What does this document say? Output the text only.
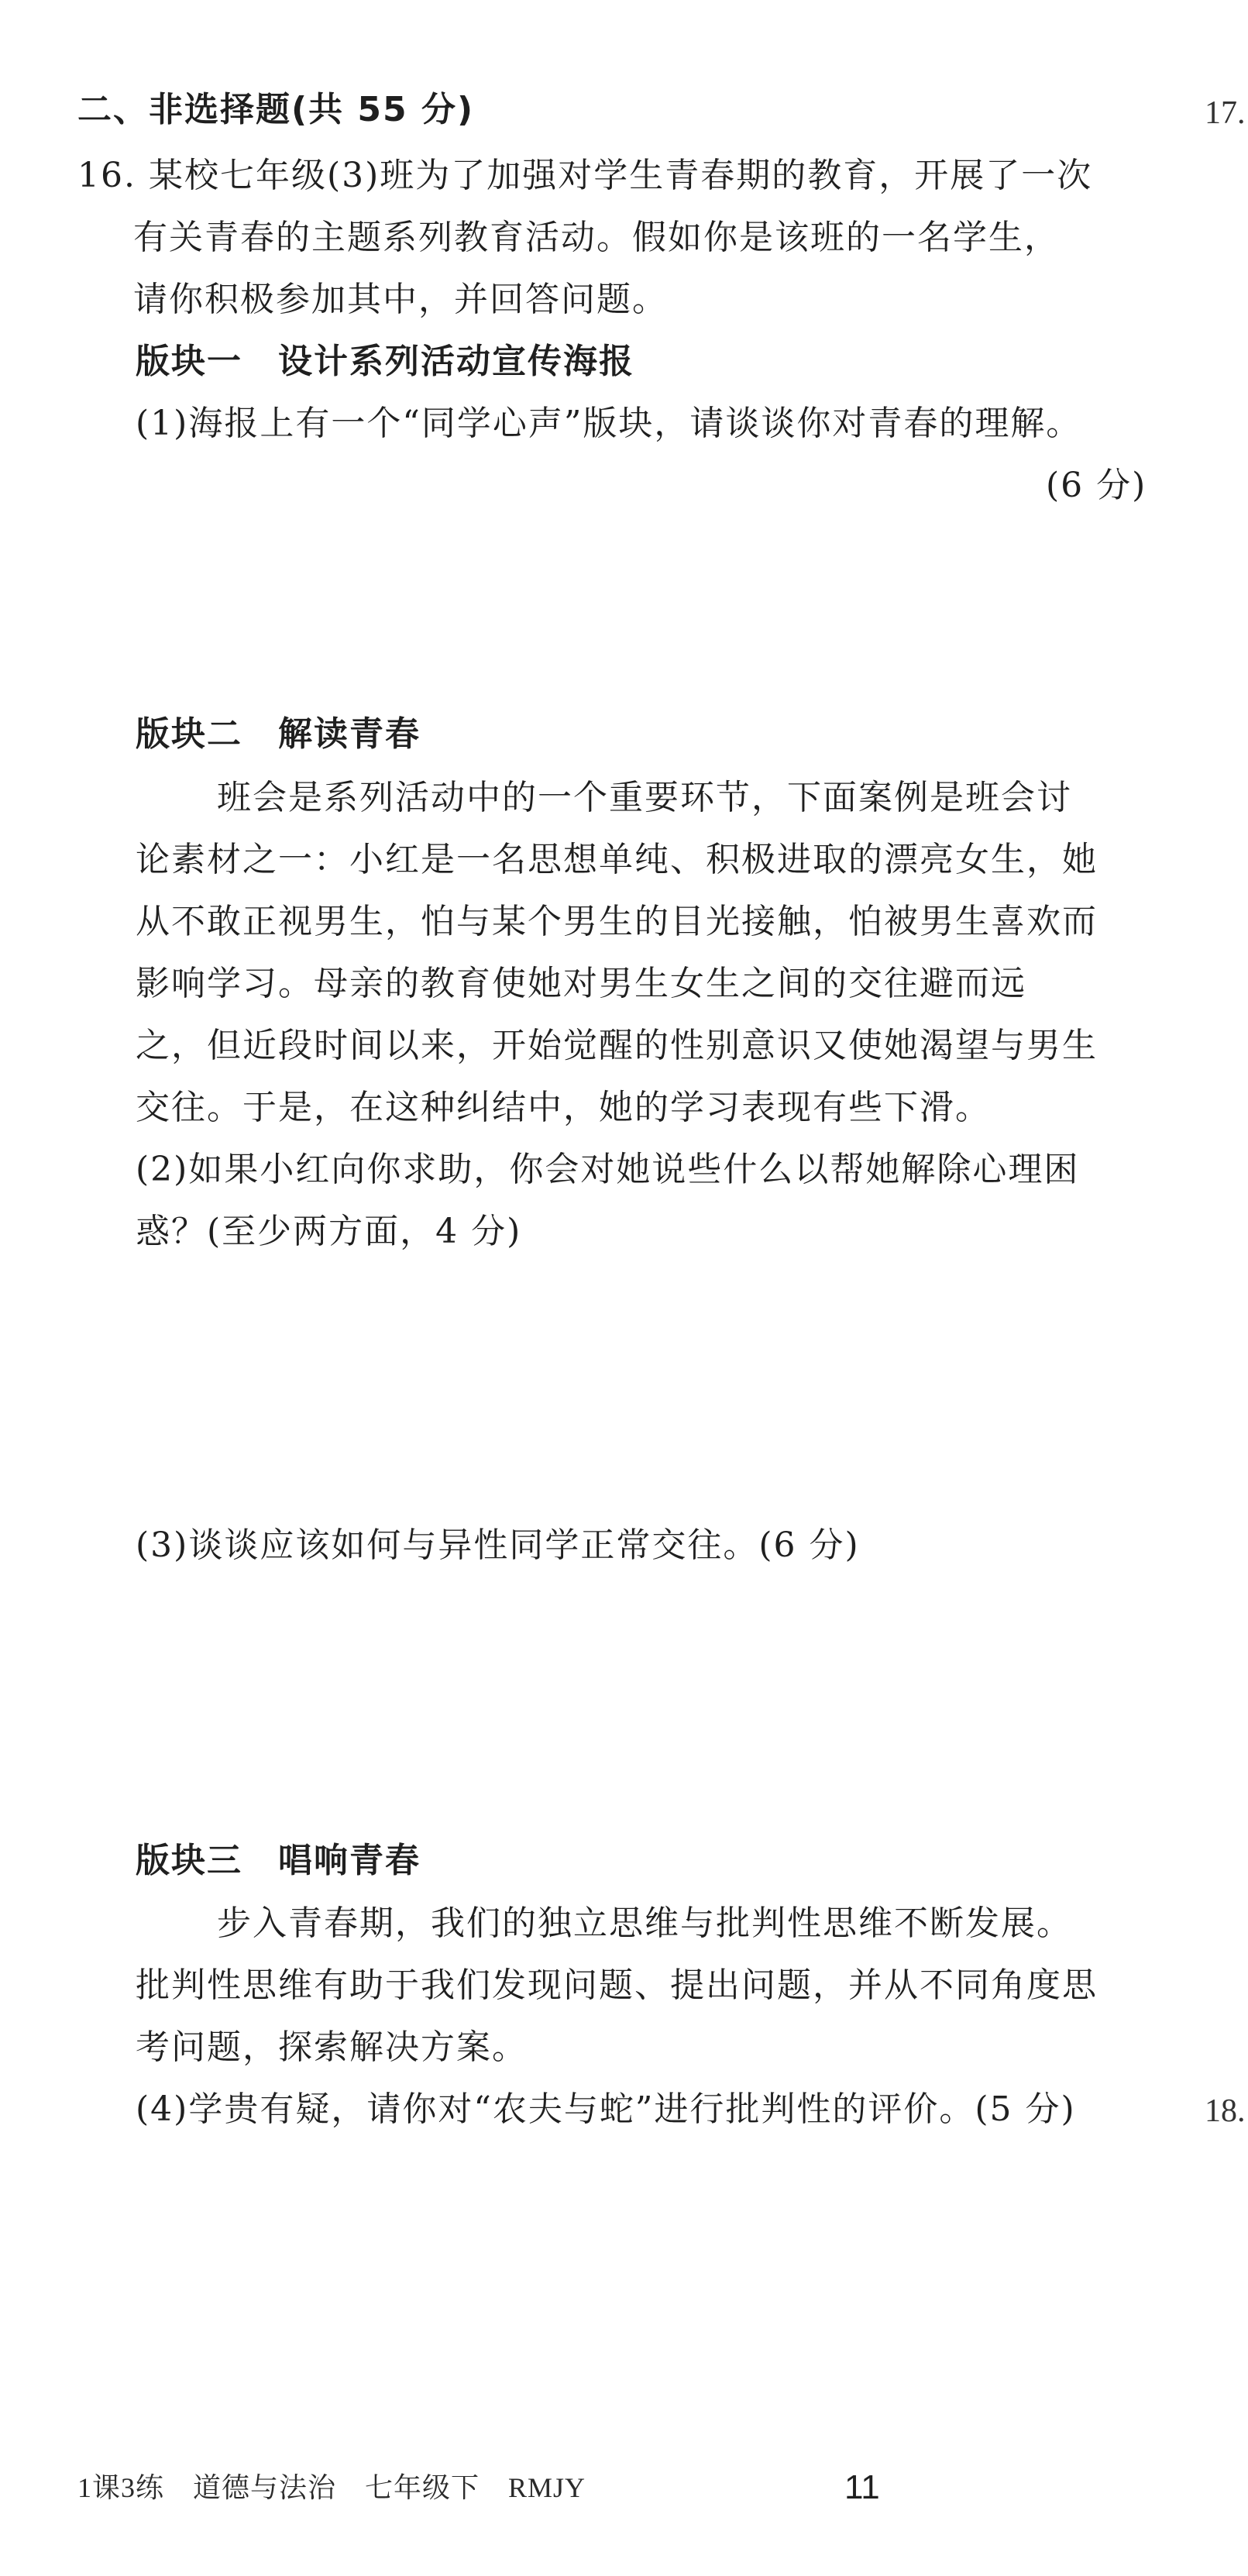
二、非选择题(共 55 分)	17.
16. 某校七年级(3)班为了加强对学生青春期的教育，开展了一次
有关青春的主题系列教育活动。假如你是该班的一名学生，
请你积极参加其中，并回答问题。
版块一　设计系列活动宣传海报
(1)海报上有一个“同学心声”版块，请谈谈你对青春的理解。
(6 分)
版块二　解读青春
班会是系列活动中的一个重要环节，下面案例是班会讨
论素材之一：小红是一名思想单纯、积极进取的漂亮女生，她
从不敢正视男生，怕与某个男生的目光接触，怕被男生喜欢而
影响学习。母亲的教育使她对男生女生之间的交往避而远
之，但近段时间以来，开始觉醒的性别意识又使她渴望与男生
交往。于是，在这种纠结中，她的学习表现有些下滑。
(2)如果小红向你求助，你会对她说些什么以帮她解除心理困
惑？(至少两方面，4 分)
(3)谈谈应该如何与异性同学正常交往。(6 分)
版块三　唱响青春
步入青春期，我们的独立思维与批判性思维不断发展。
批判性思维有助于我们发现问题、提出问题，并从不同角度思
考问题，探索解决方案。
(4)学贵有疑，请你对“农夫与蛇”进行批判性的评价。(5 分)	18.
1课3练　道德与法治　七年级下　RMJY	11
